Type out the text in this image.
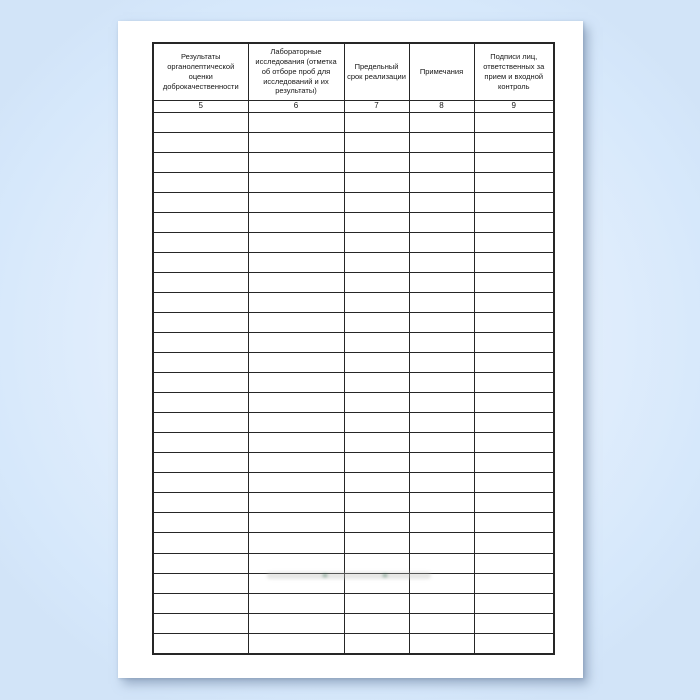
Результаты органолептической оценки доброкачественности	Лабораторные исследования (отметка об отборе проб для исследований и их результаты)	Предельный срок реализации	Примечания	Подписи лиц, ответственных за прием и входной контроль
5	6	7	8	9
